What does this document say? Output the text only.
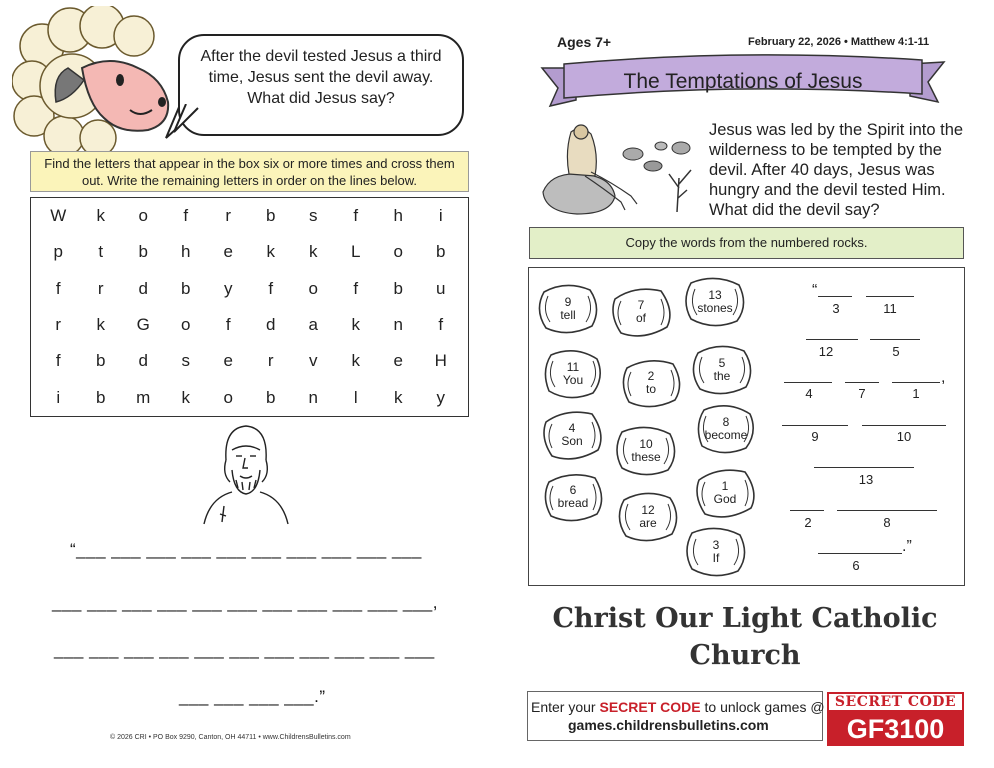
After the devil tested Jesus a third
time, Jesus sent the devil away.
What did Jesus say?
Find the letters that appear in the box six or more times and cross them out. Write the remaining letters in order on the lines below.
W	k	o	f	r	b	s	f	h	i
p	t	b	h	e	k	k	L	o	b
f	r	d	b	y	f	o	f	b	u
r	k	G	o	f	d	a	k	n	f
f	b	d	s	e	r	v	k	e	H
i	b	m	k	o	b	n	l	k	y
“___ ___ ___ ___ ___ ___ ___ ___ ___ ___
___ ___ ___ ___ ___ ___ ___ ___ ___ ___ ___,
___ ___ ___ ___ ___ ___ ___ ___ ___ ___ ___
___ ___ ___ ___.”
© 2026 CRI • PO Box 9290, Canton, OH 44711 • www.ChildrensBulletins.com
Ages 7+	February 22, 2026 • Matthew 4:1-11
The Temptations of Jesus
Jesus was led by the Spirit into the wilderness to be tempted by the devil. After 40 days, Jesus was hungry and the devil tested Him. What did the devil say?
Copy the words from the numbered rocks.
9
tell
7
of
13
stones
11
You	2
to
5
the
4
Son	10
these
8
become
6
bread	12
are
1
God
3
If
“
3	11
12	5
4	7	1
,
9	10
13
2	8
.”
6
Christ Our Light Catholic Church
Enter your SECRET CODE to unlock games @
games.childrensbulletins.com
SECRET CODE
GF3100
